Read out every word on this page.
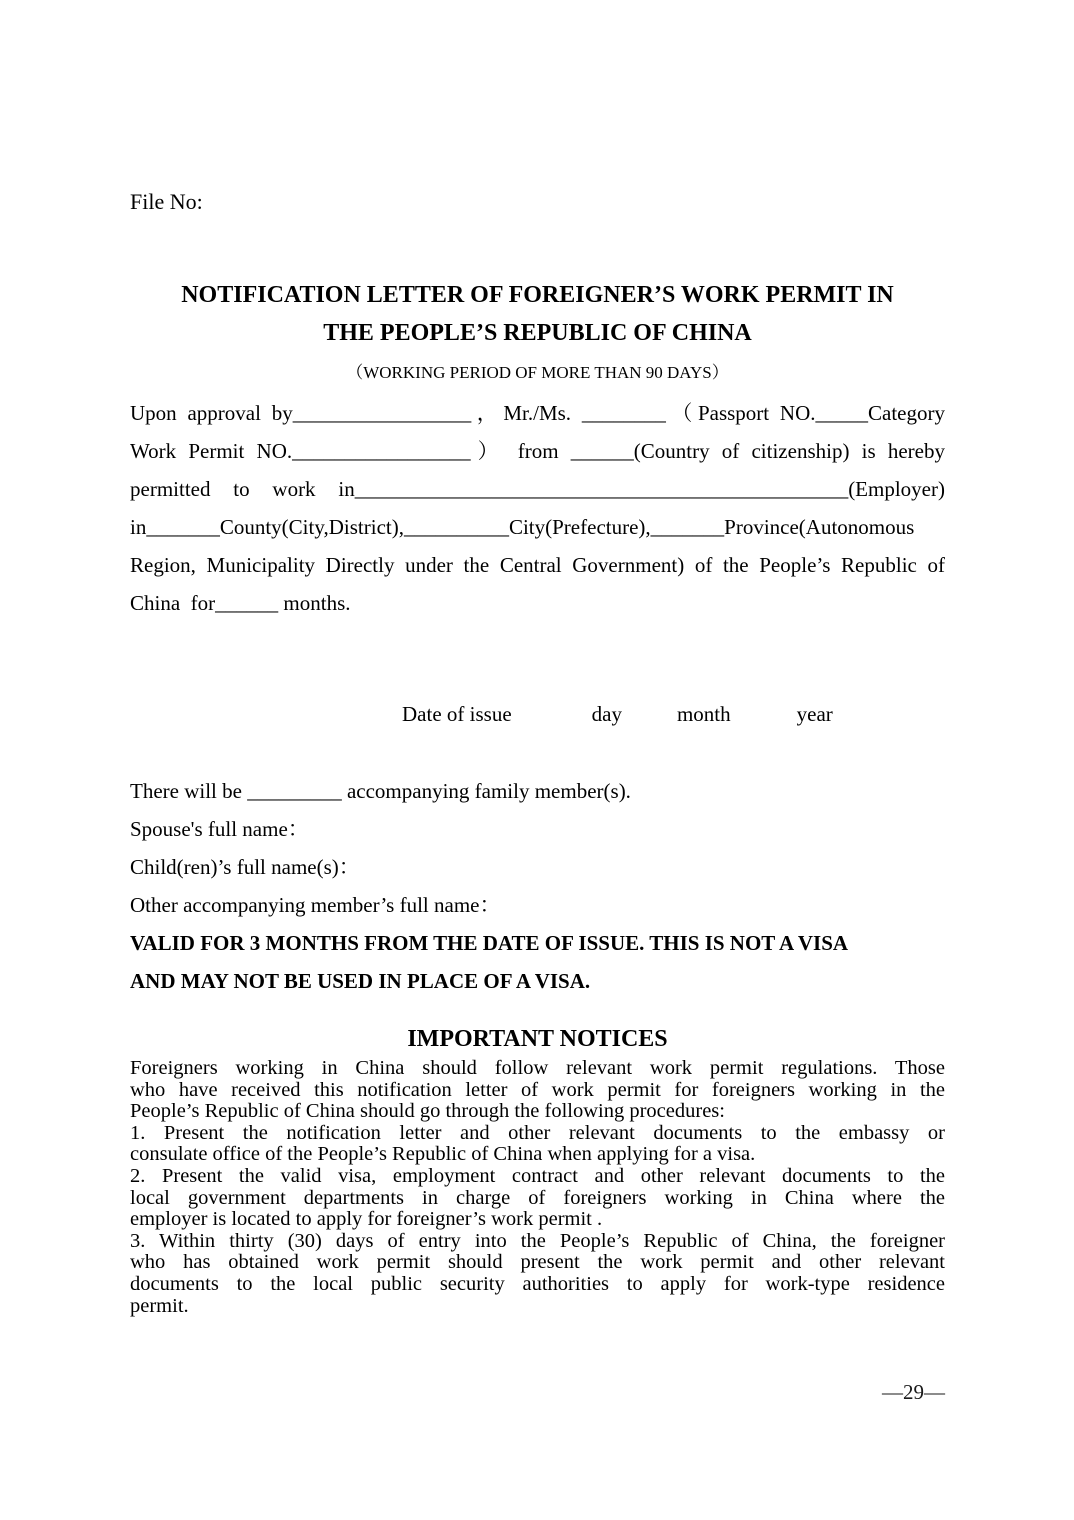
File No:
NOTIFICATION LETTER OF FOREIGNER’S WORK PERMIT IN
THE PEOPLE’S REPUBLIC OF CHINA
（WORKING PERIOD OF MORE THAN 90 DAYS）
Upon approval by_________________，Mr./Ms. ________（Passport NO._____Category
Work Permit NO._________________） from ______(Country of citizenship) is hereby
permitted to work in_______________________________________________(Employer)
in_______County(City,District),__________City(Prefecture),_______Province(Autonomous
Region, Municipality Directly under the Central Government) of the People’s Republic of
China  for______ months.
Date of issue	day	month	year
There will be _________ accompanying family member(s).
Spouse's full name：
Child(ren)’s full name(s)：
Other accompanying member’s full name：
VALID FOR 3 MONTHS FROM THE DATE OF ISSUE. THIS IS NOT A VISA
AND MAY NOT BE USED IN PLACE OF A VISA.
IMPORTANT NOTICES
Foreigners working in China should follow relevant work permit regulations. Those
who have received this notification letter of work permit for foreigners working in the
People’s Republic of China should go through the following procedures:
1. Present the notification letter and other relevant documents to the embassy or
consulate office of the People’s Republic of China when applying for a visa.
2. Present the valid visa, employment contract and other relevant documents to the
local government departments in charge of foreigners working in China where the
employer is located to apply for foreigner’s work permit .
3. Within thirty (30) days of entry into the People’s Republic of China, the foreigner
who has obtained work permit should present the work permit and other relevant
documents to the local public security authorities to apply for work-type residence
permit.
—29—
